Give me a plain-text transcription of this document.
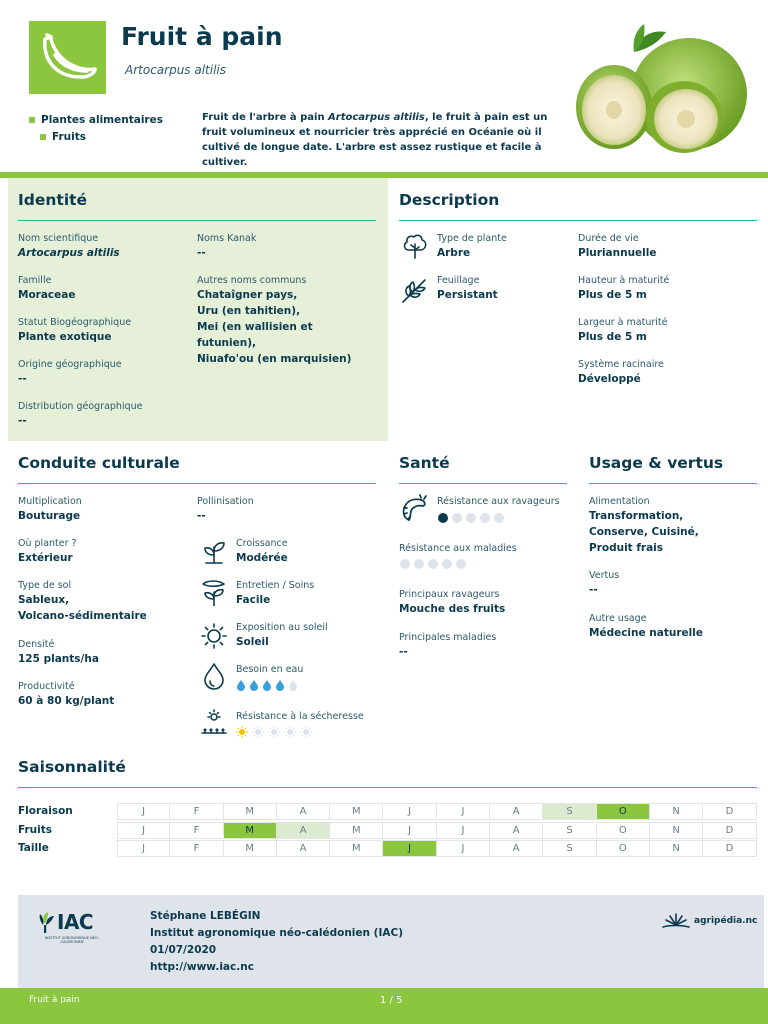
Fruit à pain
Artocarpus altilis
Plantes alimentaires
Fruits
Fruit de l'arbre à pain Artocarpus altilis, le fruit à pain est un fruit volumineux et nourricier très apprécié en Océanie où il cultivé de longue date. L'arbre est assez rustique et facile à cultiver.
Identité
Nom scientifique
Artocarpus altilis
Noms Kanak
--
Famille
Moraceae
Autres noms communs
Chataîgner pays,
Uru (en tahitien),
Mei (en wallisien et
futunien),
Niuafo'ou (en marquisien)
Statut Biogéographique
Plante exotique
Origine géographique
--
Distribution géographique
--
Description
Type de plante
Arbre
Durée de vie
Pluriannuelle
Feuillage
Persistant
Hauteur à maturité
Plus de 5 m
Largeur à maturité
Plus de 5 m
Système racinaire
Développé
Conduite culturale
Multiplication
Bouturage
Pollinisation
--
Où planter ?
Extérieur
Croissance
Modérée
Type de sol
Sableux,
Volcano-sédimentaire
Entretien / Soins
Facile
Exposition au soleil
Soleil
Densité
125 plants/ha
Besoin en eau
Productivité
60 à 80 kg/plant
Résistance à la sécheresse
Santé
Résistance aux ravageurs
Résistance aux maladies
Principaux ravageurs
Mouche des fruits
Principales maladies
--
Usage & vertus
Alimentation
Transformation,
Conserve, Cuisiné,
Produit frais
Vertus
--
Autre usage
Médecine naturelle
Saisonnalité
Floraison	J	F	M	A	M	J	J	A	S	O	N	D
Fruits	J	F	M	A	M	J	J	A	S	O	N	D
Taille	J	F	M	A	M	J	J	A	S	O	N	D
IAC
INSTITUT AGRONOMIQUE NÉO-CALÉDONIEN
Stéphane LEBÉGIN
Institut agronomique néo-calédonien (IAC)
01/07/2020
http://www.iac.nc
agripédia.nc
Fruit à pain	1 / 5
